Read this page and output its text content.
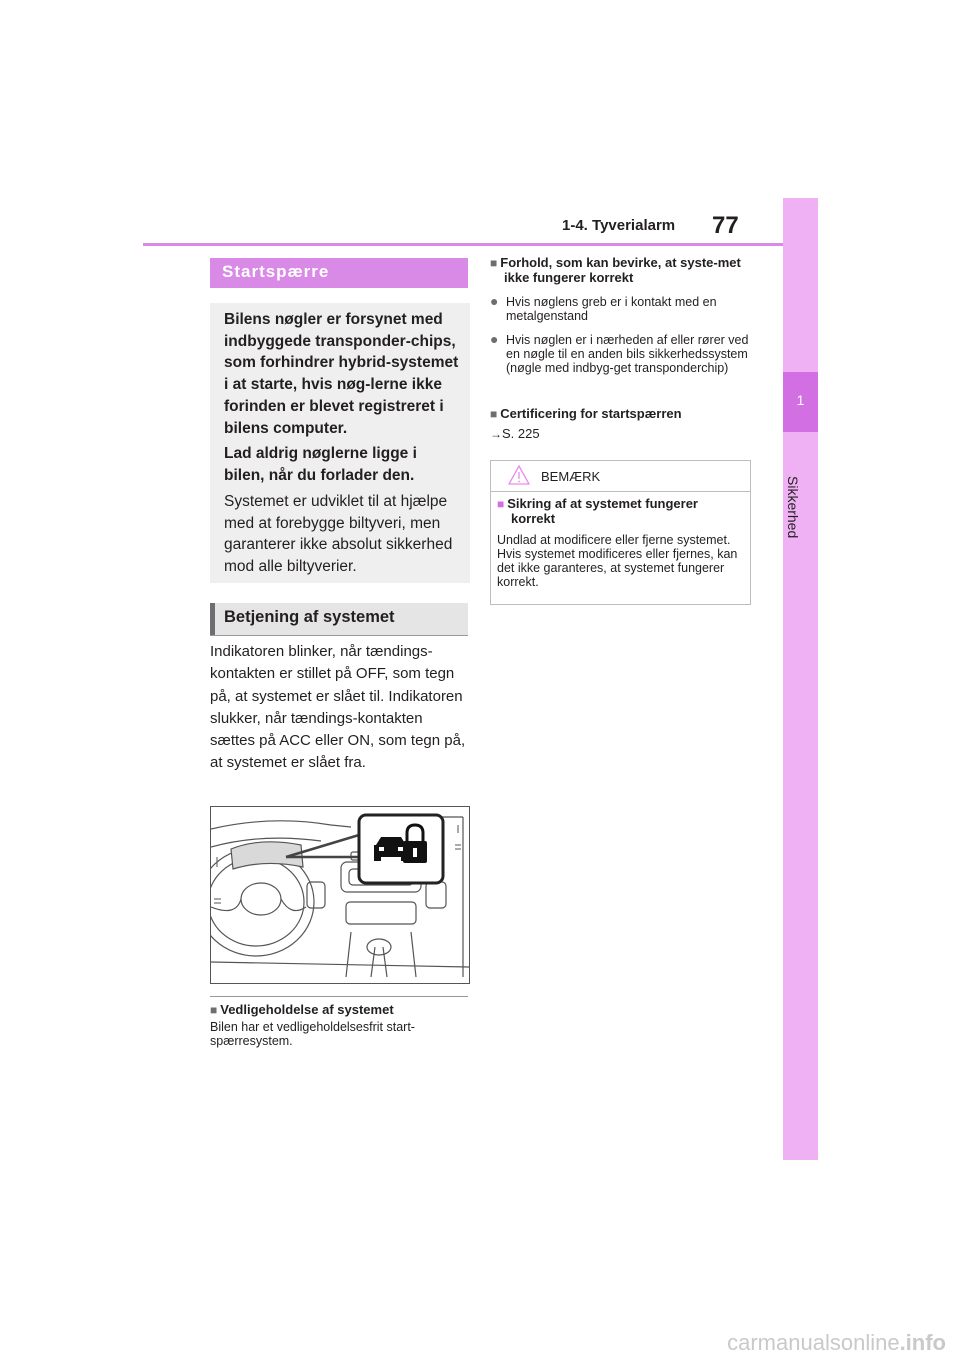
1-4. Tyverialarm 77
1
Sikkerhed
Startspærre
Bilens nøgler er forsynet med indbyggede transponder-chips, som forhindrer hybrid-systemet i at starte, hvis nøg-lerne ikke forinden er blevet registreret i bilens computer.
Lad aldrig nøglerne ligge i bilen, når du forlader den.
Systemet er udviklet til at hjælpe med at forebygge biltyveri, men garanterer ikke absolut sikkerhed mod alle biltyverier.
Betjening af systemet
Indikatoren blinker, når tændings-kontakten er stillet på OFF, som tegn på, at systemet er slået til. Indikatoren slukker, når tændings-kontakten sættes på ACC eller ON, som tegn på, at systemet er slået fra.
■ Vedligeholdelse af systemet
Bilen har et vedligeholdelsesfrit start-spærresystem.
■ Forhold, som kan bevirke, at syste-met ikke fungerer korrekt
● Hvis nøglens greb er i kontakt med en metalgenstand
● Hvis nøglen er i nærheden af eller rører ved en nøgle til en anden bils sikkerhedssystem (nøgle med indbyg-get transponderchip)
■ Certificering for startspærren
→S. 225
BEMÆRK
■ Sikring af at systemet fungerer korrekt
Undlad at modificere eller fjerne systemet. Hvis systemet modificeres eller fjernes, kan det ikke garanteres, at systemet fungerer korrekt.
carmanualsonline.info
